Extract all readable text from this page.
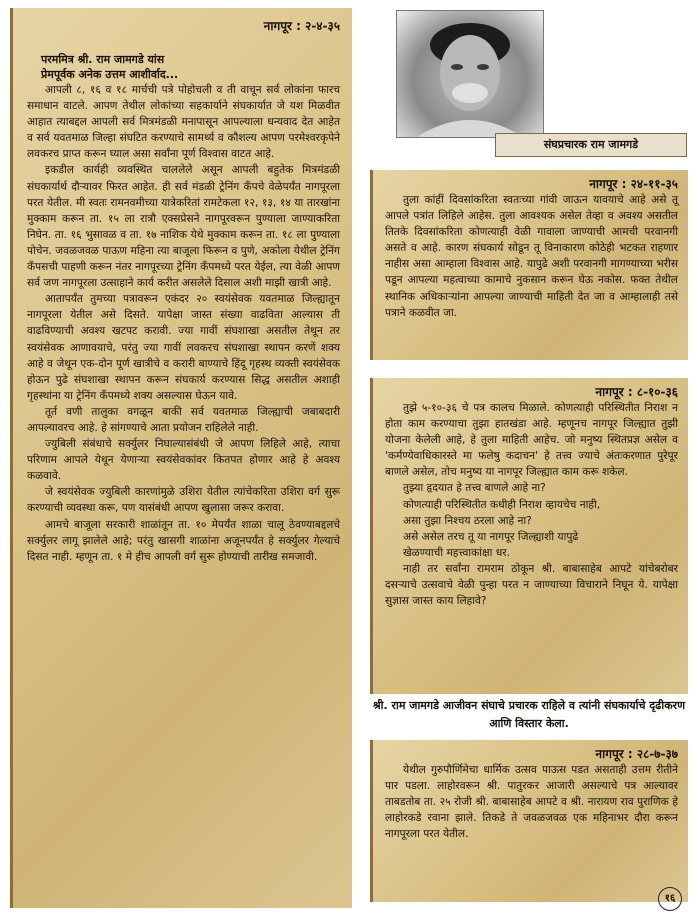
नागपूर : २-४-३५
परममित्र श्री. राम जामगडे यांस
प्रेमपूर्वक अनेक उत्तम आशीर्वाद...

आपली ८, १६ व १८ मार्चची पत्रे पोहोचली व ती वाचून सर्व लोकांना फारच समाधान वाटले. आपण तेथील लोकांच्या सहकार्याने संघकार्यात जे यश मिळवीत आहात त्याबद्दल आपली सर्व मित्रमंडळी मनापासून आपल्याला धन्यवाद देत आहेत व सर्व यवतमाळ जिल्हा संघटित करण्याचे सामर्थ्य व कौशल्य आपण परमेश्वरकृपेने लवकरच प्राप्त करून घ्याल असा सर्वांना पूर्ण विश्वास वाटत आहे.

इकडील कार्यही व्यवस्थित चाललेले असून आपली बहुतेक मित्रमंडळी संघकार्यार्थ दौऱ्यावर फिरत आहेत. ही सर्व मंडळी ट्रेनिंग कँपचे वेळेपर्यंत नागपूरला परत येतील. मी स्वतः रामनवमीच्या यात्रेकरितां रामटेकला १२, १३, १४ या तारखांना मुक्काम करून ता. १५ ला रात्रौ एक्सप्रेसने नागपूरवरून पुण्याला जाण्याकरिता निघेन. ता. १६ भुसावळ व ता. १७ नाशिक येथे मुक्काम करून ता. १८ ला पुण्याला पोचेन. जवळजवळ पाऊण महिना त्या बाजूला फिरून व पुणे, अकोला येथील ट्रेनिंग कँपसची पाहणी करून नंतर नागपूरच्या ट्रेनिंग कँपमध्ये परत येईल, त्या वेळी आपण सर्व जण नागपूरला उत्साहाने कार्य करीत असलेले दिसाल अशी माझी खात्री आहे.

आतापर्यंत तुमच्या पत्रावरून एकंदर २० स्वयंसेवक यवतमाळ जिल्ह्यातून नागपूरला येतील असे दिसते. यापेक्षा जास्त संख्या वाढविता आल्यास ती वाढविण्याची अवश्य खटपट करावी. ज्या गावीं संघशाखा असतील तेथून तर स्वयंसेवक आणावयाचे, परंतु ज्या गावीं लवकरच संघशाखा स्थापन करणें शक्य आहे व जेथून एक-दोन पूर्ण खात्रीचे व करारी बाण्याचे हिंदू गृहस्थ व्यक्ती स्वयंसेवक होऊन पुढे संघशाखा स्थापन करून संघकार्य करण्यास सिद्ध असतील अशाही गृहस्थांना या ट्रेनिंग कँपमध्ये शक्य असल्यास घेऊन यावे.

तूर्त वणी तालुका वगळून बाकी सर्व यवतमाळ जिल्ह्याची जबाबदारी आपल्यावरच आहे. हे सांगण्याचे आता प्रयोजन राहिलेले नाही.

ज्युबिली संबंधाचे सर्क्युलर निघाल्यासंबंधी जे आपण लिहिले आहे, त्याचा परिणाम आपले येथून येणाऱ्या स्वयंसेवकांवर कितपत होणार आहे हे अवश्य कळवावे.

जे स्वयंसेवक ज्युबिली कारणांमुळे उशिरा येतील त्यांचेकरिता उशिरा वर्ग सुरू करण्याची व्यवस्था करू, पण यासंबंधी आपण खुलासा जरूर करावा.

आमचे बाजूला सरकारी शाळांतून ता. १० मेपर्यंत शाळा चालू ठेवण्याबद्दलचे सर्क्युलर लागू झालेले आहे; परंतु खासगी शाळांना अजूनपर्यंत हे सर्क्युलर गेल्याचे दिसत नाही. म्हणून ता. १ मे हीच आपली वर्ग सुरू होण्याची तारीख समजावी.

संघप्रचारक राम जामगडे
नागपूर : २४-११-३५

तुला कांहीं दिवसांकरिता स्वतःच्या गांवी जाऊन यावयाचे आहे असे तू आपले पत्रांत लिहिले आहेस. तुला आवश्यक असेल तेव्हा व अवश्य असतील तितके दिवसांकरिता कोणत्याही वेळी गावाला जाण्याची आमची परवानगी असते व आहे. कारण संघकार्य सोडून तू विनाकारण कोठेही भटकत राहणार नाहीस असा आम्हाला विश्वास आहे. यापुढे अशी परवानगी मागण्याच्या भरीस पडून आपल्या महत्वाच्या कामाचे नुकसान करून घेऊ नकोस. फक्त तेथील स्थानिक अधिकाऱ्यांना आपल्या जाण्याची माहिती देत जा व आम्हालाही तसे पत्राने कळवीत जा.

नागपूर : ८-१०-३६

तुझे ५-१०-३६ चे पत्र कालच मिळाले. कोणत्याही परिस्थितीत निराश न होता काम करण्याचा तुझा हातखंडा आहे. म्हणूनच नागपूर जिल्ह्यात तुझी योजना केलेली आहे, हे तुला माहिती आहेच. जो मनुष्य स्थितप्रज्ञ असेल व 'कर्मण्येवाधिकारस्ते मा फलेषु कदाचन' हे तत्त्व ज्याचे अंतःकरणात पुरेपूर बाणले असेल, तोच मनुष्य या नागपूर जिल्ह्यात काम करू शकेल.

तुझ्या हृदयात हे तत्त्व बाणले आहे ना?

कोणत्याही परिस्थितीत कधीही निराश व्हायचेच नाही,

असा तुझा निश्चय ठरला आहे ना?

असे असेल तरच तू या नागपूर जिल्ह्याशी यापुढे

खेळण्याची महत्त्वाकांक्षा धर.

नाही तर सर्वांना रामराम ठोकून श्री. बाबासाहेब आपटे यांचेबरोबर दसऱ्याचे उत्सवाचे वेळी पुन्हा परत न जाण्याच्या विचाराने निघून ये. यापेक्षा सुज्ञास जास्त काय लिहावे?

श्री. राम जामगडे आजीवन संघाचे प्रचारक राहिले व त्यांनी संघकार्याचे दृढीकरण आणि विस्तार केला.
नागपूर : २८-७-३७

येथील गुरुपौर्णिमेचा धार्मिक उत्सव पाऊस पडत असताही उत्तम रीतीने पार पडला. लाहोरवरून श्री. पातुरकर आजारी असल्याचे पत्र आल्यावर ताबडतोब ता. २५ रोजी श्री. बाबासाहेब आपटे व श्री. नारायण राव पुराणिक हे लाहोरकडे रवाना झाले. तिकडे ते जवळजवळ एक महिनाभर दौरा करून नागपूरला परत येतील.

१६
